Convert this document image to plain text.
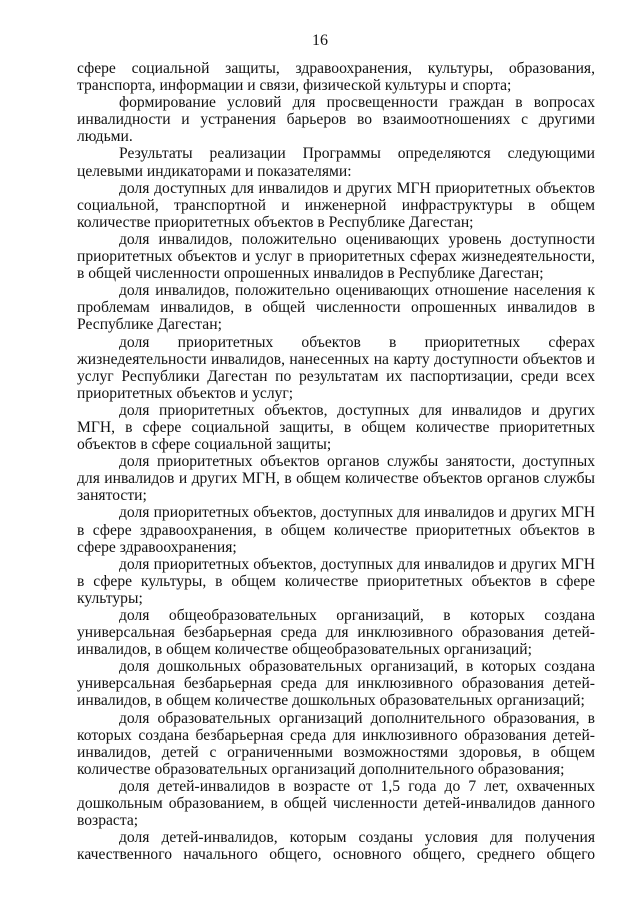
16

сфере социальной защиты, здравоохранения, культуры, образования, транспорта, информации и связи, физической культуры и спорта;

формирование условий для просвещенности граждан в вопросах инвалидности и устранения барьеров во взаимоотношениях с другими людьми.

Результаты реализации Программы определяются следующими целевыми индикаторами и показателями:

доля доступных для инвалидов и других МГН приоритетных объектов социальной, транспортной и инженерной инфраструктуры в общем количестве приоритетных объектов в Республике Дагестан;

доля инвалидов, положительно оценивающих уровень доступности приоритетных объектов и услуг в приоритетных сферах жизнедеятельности, в общей численности опрошенных инвалидов в Республике Дагестан;

доля инвалидов, положительно оценивающих отношение населения к проблемам инвалидов, в общей численности опрошенных инвалидов в Республике Дагестан;

доля приоритетных объектов в приоритетных сферах жизнедеятельности инвалидов, нанесенных на карту доступности объектов и услуг Республики Дагестан по результатам их паспортизации, среди всех приоритетных объектов и услуг;

доля приоритетных объектов, доступных для инвалидов и других МГН, в сфере социальной защиты, в общем количестве приоритетных объектов в сфере социальной защиты;

доля приоритетных объектов органов службы занятости, доступных для инвалидов и других МГН, в общем количестве объектов органов службы занятости;

доля приоритетных объектов, доступных для инвалидов и других МГН в сфере здравоохранения, в общем количестве приоритетных объектов в сфере здравоохранения;

доля приоритетных объектов, доступных для инвалидов и других МГН в сфере культуры, в общем количестве приоритетных объектов в сфере культуры;

доля общеобразовательных организаций, в которых создана универсальная безбарьерная среда для инклюзивного образования детей-инвалидов, в общем количестве общеобразовательных организаций;

доля дошкольных образовательных организаций, в которых создана универсальная безбарьерная среда для инклюзивного образования детей-инвалидов, в общем количестве дошкольных образовательных организаций;

доля образовательных организаций дополнительного образования, в которых создана безбарьерная среда для инклюзивного образования детей-инвалидов, детей с ограниченными возможностями здоровья, в общем количестве образовательных организаций дополнительного образования;

доля детей-инвалидов в возрасте от 1,5 года до 7 лет, охваченных дошкольным образованием, в общей численности детей-инвалидов данного возраста;

доля детей-инвалидов, которым созданы условия для получения качественного начального общего, основного общего, среднего общего
